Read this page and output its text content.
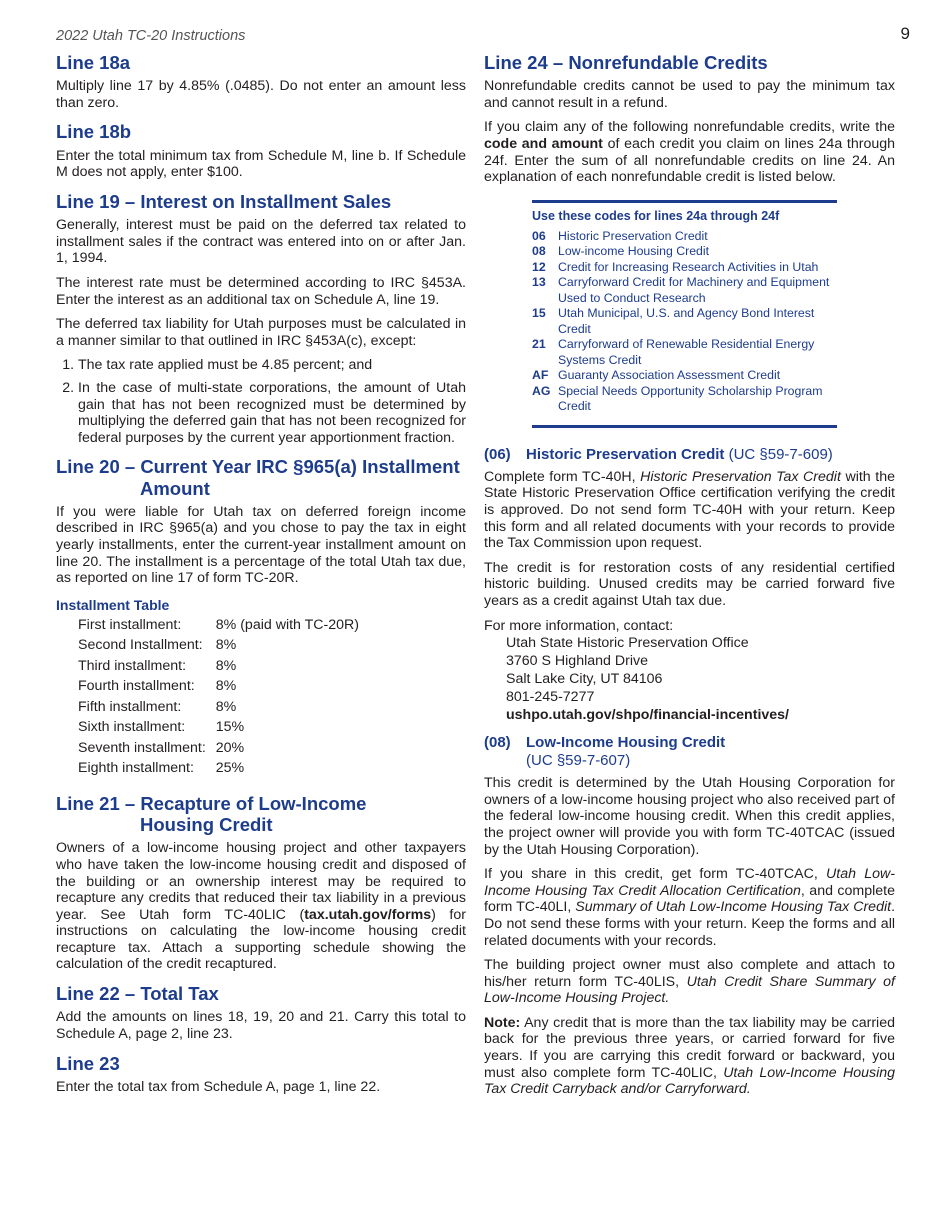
2022 Utah TC-20 Instructions	9
Line 18a

Multiply line 17 by 4.85% (.0485). Do not enter an amount less than zero.

Line 18b

Enter the total minimum tax from Schedule M, line b. If Schedule M does not apply, enter $100.

Line 19 – Interest on Installment Sales

Generally, interest must be paid on the deferred tax related to installment sales if the contract was entered into on or after Jan. 1, 1994.

The interest rate must be determined according to IRC §453A. Enter the interest as an additional tax on Schedule A, line 19.

The deferred tax liability for Utah purposes must be calculated in a manner similar to that outlined in IRC §453A(c), except:

1. The tax rate applied must be 4.85 percent; and
2. In the case of multi-state corporations, the amount of Utah gain that has not been recognized must be determined by multiplying the deferred gain that has not been recognized for federal purposes by the current year apportionment fraction.
Line 20 – Current Year IRC §965(a) Installment
Amount

If you were liable for Utah tax on deferred foreign income described in IRC §965(a) and you chose to pay the tax in eight yearly installments, enter the current-year installment amount on line 20. The installment is a percentage of the total Utah tax due, as reported on line 17 of form TC-20R.

Installment Table
First installment:	8% (paid with TC-20R)
Second Installment:	8%
Third installment:	8%
Fourth installment:	8%
Fifth installment:	8%
Sixth installment:	15%
Seventh installment:	20%
Eighth installment:	25%
Line 21 – Recapture of Low-Income
Housing Credit

Owners of a low-income housing project and other taxpayers who have taken the low-income housing credit and disposed of the building or an ownership interest may be required to recapture any credits that reduced their tax liability in a previous year. See Utah form TC-40LIC (tax.utah.gov/forms) for instructions on calculating the low-income housing credit recapture tax. Attach a supporting schedule showing the calculation of the credit recaptured.

Line 22 – Total Tax

Add the amounts on lines 18, 19, 20 and 21. Carry this total to Schedule A, page 2, line 23.

Line 23

Enter the total tax from Schedule A, page 1, line 22.

Line 24 – Nonrefundable Credits

Nonrefundable credits cannot be used to pay the minimum tax and cannot result in a refund.

If you claim any of the following nonrefundable credits, write the code and amount of each credit you claim on lines 24a through 24f. Enter the sum of all nonrefundable credits on line 24. An explanation of each nonrefundable credit is listed below.

Use these codes for lines 24a through 24f
06	Historic Preservation Credit
08	Low-income Housing Credit
12	Credit for Increasing Research Activities in Utah
13	Carryforward Credit for Machinery and Equipment Used to Conduct Research
15	Utah Municipal, U.S. and Agency Bond Interest Credit
21	Carryforward of Renewable Residential Energy Systems Credit
AF Guaranty Association Assessment Credit
AG Special Needs Opportunity Scholarship Program Credit
(06)	Historic Preservation Credit (UC §59-7-609)

Complete form TC-40H, Historic Preservation Tax Credit with the State Historic Preservation Office certification verifying the credit is approved. Do not send form TC-40H with your return. Keep this form and all related documents with your records to provide the Tax Commission upon request.

The credit is for restoration costs of any residential certified historic building. Unused credits may be carried forward five years as a credit against Utah tax due.

For more information, contact:

Utah State Historic Preservation Office
3760 S Highland Drive
Salt Lake City, UT 84106
801-245-7277
ushpo.utah.gov/shpo/financial-incentives/
(08)	Low-Income Housing Credit
(UC §59-7-607)

This credit is determined by the Utah Housing Corporation for owners of a low-income housing project who also received part of the federal low-income housing credit. When this credit applies, the project owner will provide you with form TC-40TCAC (issued by the Utah Housing Corporation).

If you share in this credit, get form TC-40TCAC, Utah Low-Income Housing Tax Credit Allocation Certification, and complete form TC-40LI, Summary of Utah Low-Income Housing Tax Credit. Do not send these forms with your return. Keep the forms and all related documents with your records.

The building project owner must also complete and attach to his/her return form TC-40LIS, Utah Credit Share Summary of Low-Income Housing Project.

Note: Any credit that is more than the tax liability may be carried back for the previous three years, or carried forward for five years. If you are carrying this credit forward or backward, you must also complete form TC-40LIC, Utah Low-Income Housing Tax Credit Carryback and/or Carryforward.
